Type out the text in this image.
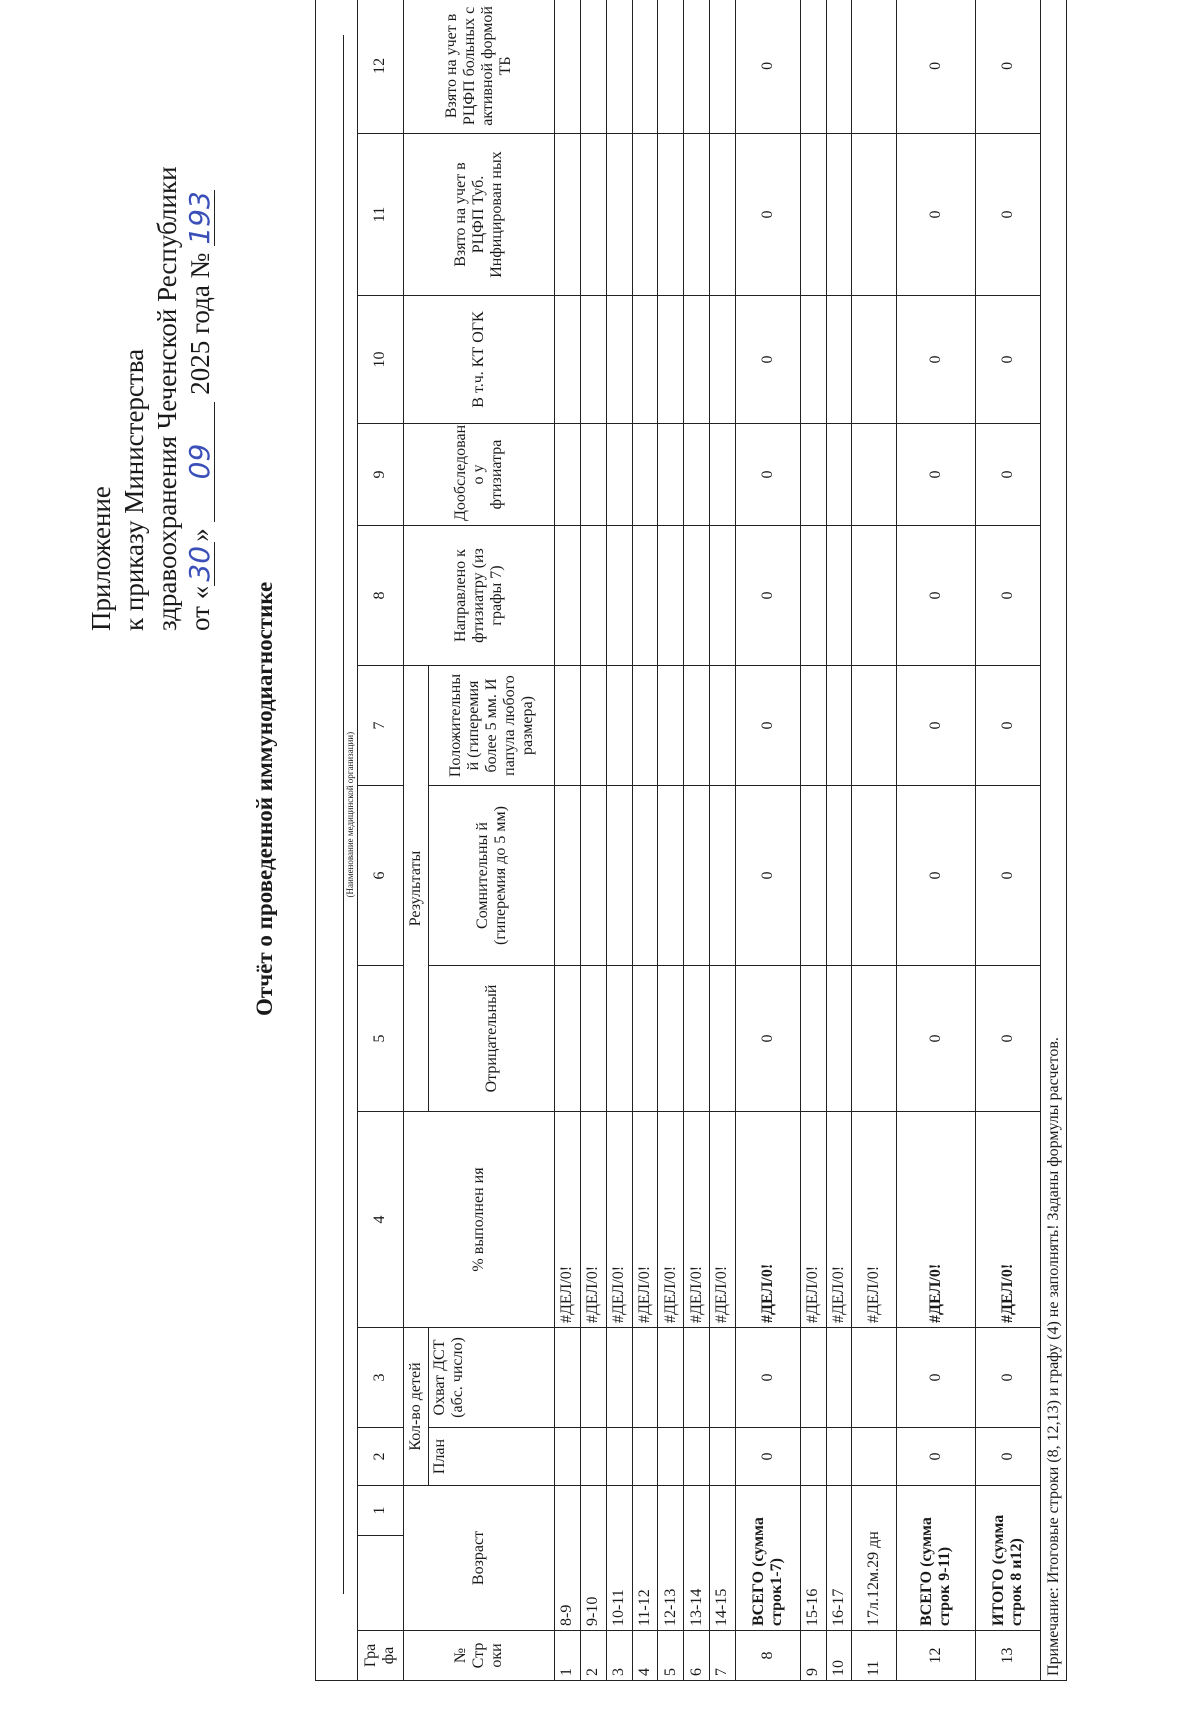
Приложение к приказу Министерства здравоохранения Чеченской Республики от «30» 09 2025 года № 193
Отчёт о проведенной иммунодиагностике

	(Наименование медицинской организации)												

Гра фа		1	2	3	4	5	6	7	8	9	10	11	12
№ Стр оки	Возраст		Кол-во детей		% выполнен ия	Результаты			Направлено к фтизиатру (из графы 7)	Дообследован о у фтизиатра	В т.ч. КТ ОГК	Взято на учет в РЦФП Туб. Инфицирован ных	Взято на учет в РЦФП больных с активной формой ТБ
			План	Охват ДСТ (абс. число)		Отрицательный	Сомнительны й (гиперемия до 5 мм)	Положительны й (гиперемия более 5 мм. И папула любого размера)					
1	8-9				#ДЕЛ/0!								
2	9-10				#ДЕЛ/0!								
3	10-11				#ДЕЛ/0!								
4	11-12				#ДЕЛ/0!								
5	12-13				#ДЕЛ/0!								
6	13-14				#ДЕЛ/0!								
7	14-15				#ДЕЛ/0!								
8	ВСЕГО (сумма строк1-7)		0	0	#ДЕЛ/0!	0	0	0	0	0	0	0	0
9	15-16				#ДЕЛ/0!								
10	16-17				#ДЕЛ/0!								
11	17л.12м.29 дн				#ДЕЛ/0!								
12	ВСЕГО (сумма строк 9-11)		0	0	#ДЕЛ/0!	0	0	0	0	0	0	0	0
13	ИТОГО (сумма строк 8 и12)		0	0	#ДЕЛ/0!	0	0	0	0	0	0	0	0
Примечание: Итоговые строки (8, 12,13) и графу (4) не заполнять! Заданы формулы расчетов.													
